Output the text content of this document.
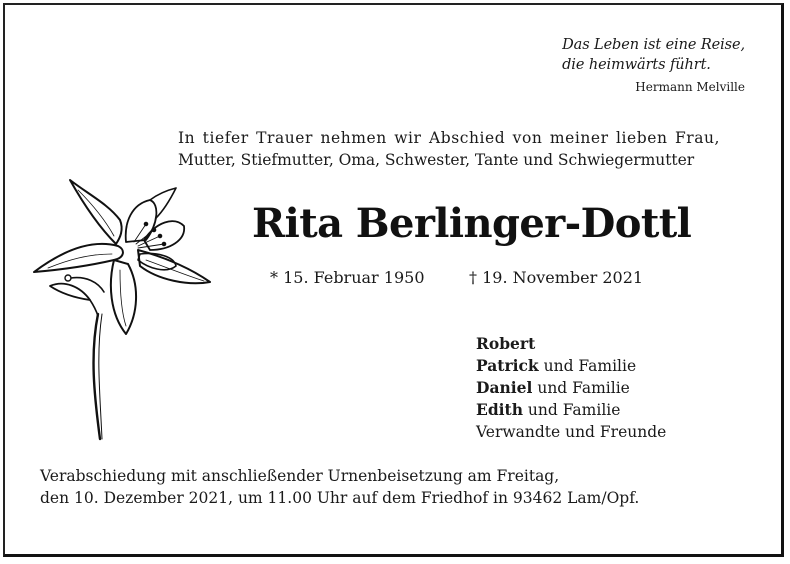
Das Leben ist eine Reise,
die heimwärts führt.
Hermann Melville
In tiefer Trauer nehmen wir Abschied von meiner lieben Frau,
Mutter, Stiefmutter, Oma, Schwester, Tante und Schwiegermutter
Rita Berlinger-Dottl
* 15. Februar 1950	† 19. November 2021
Robert
Patrick und Familie
Daniel und Familie
Edith und Familie
Verwandte und Freunde
Verabschiedung mit anschließender Urnenbeisetzung am Freitag,
den 10. Dezember 2021, um 11.00 Uhr auf dem Friedhof in 93462 Lam/Opf.
